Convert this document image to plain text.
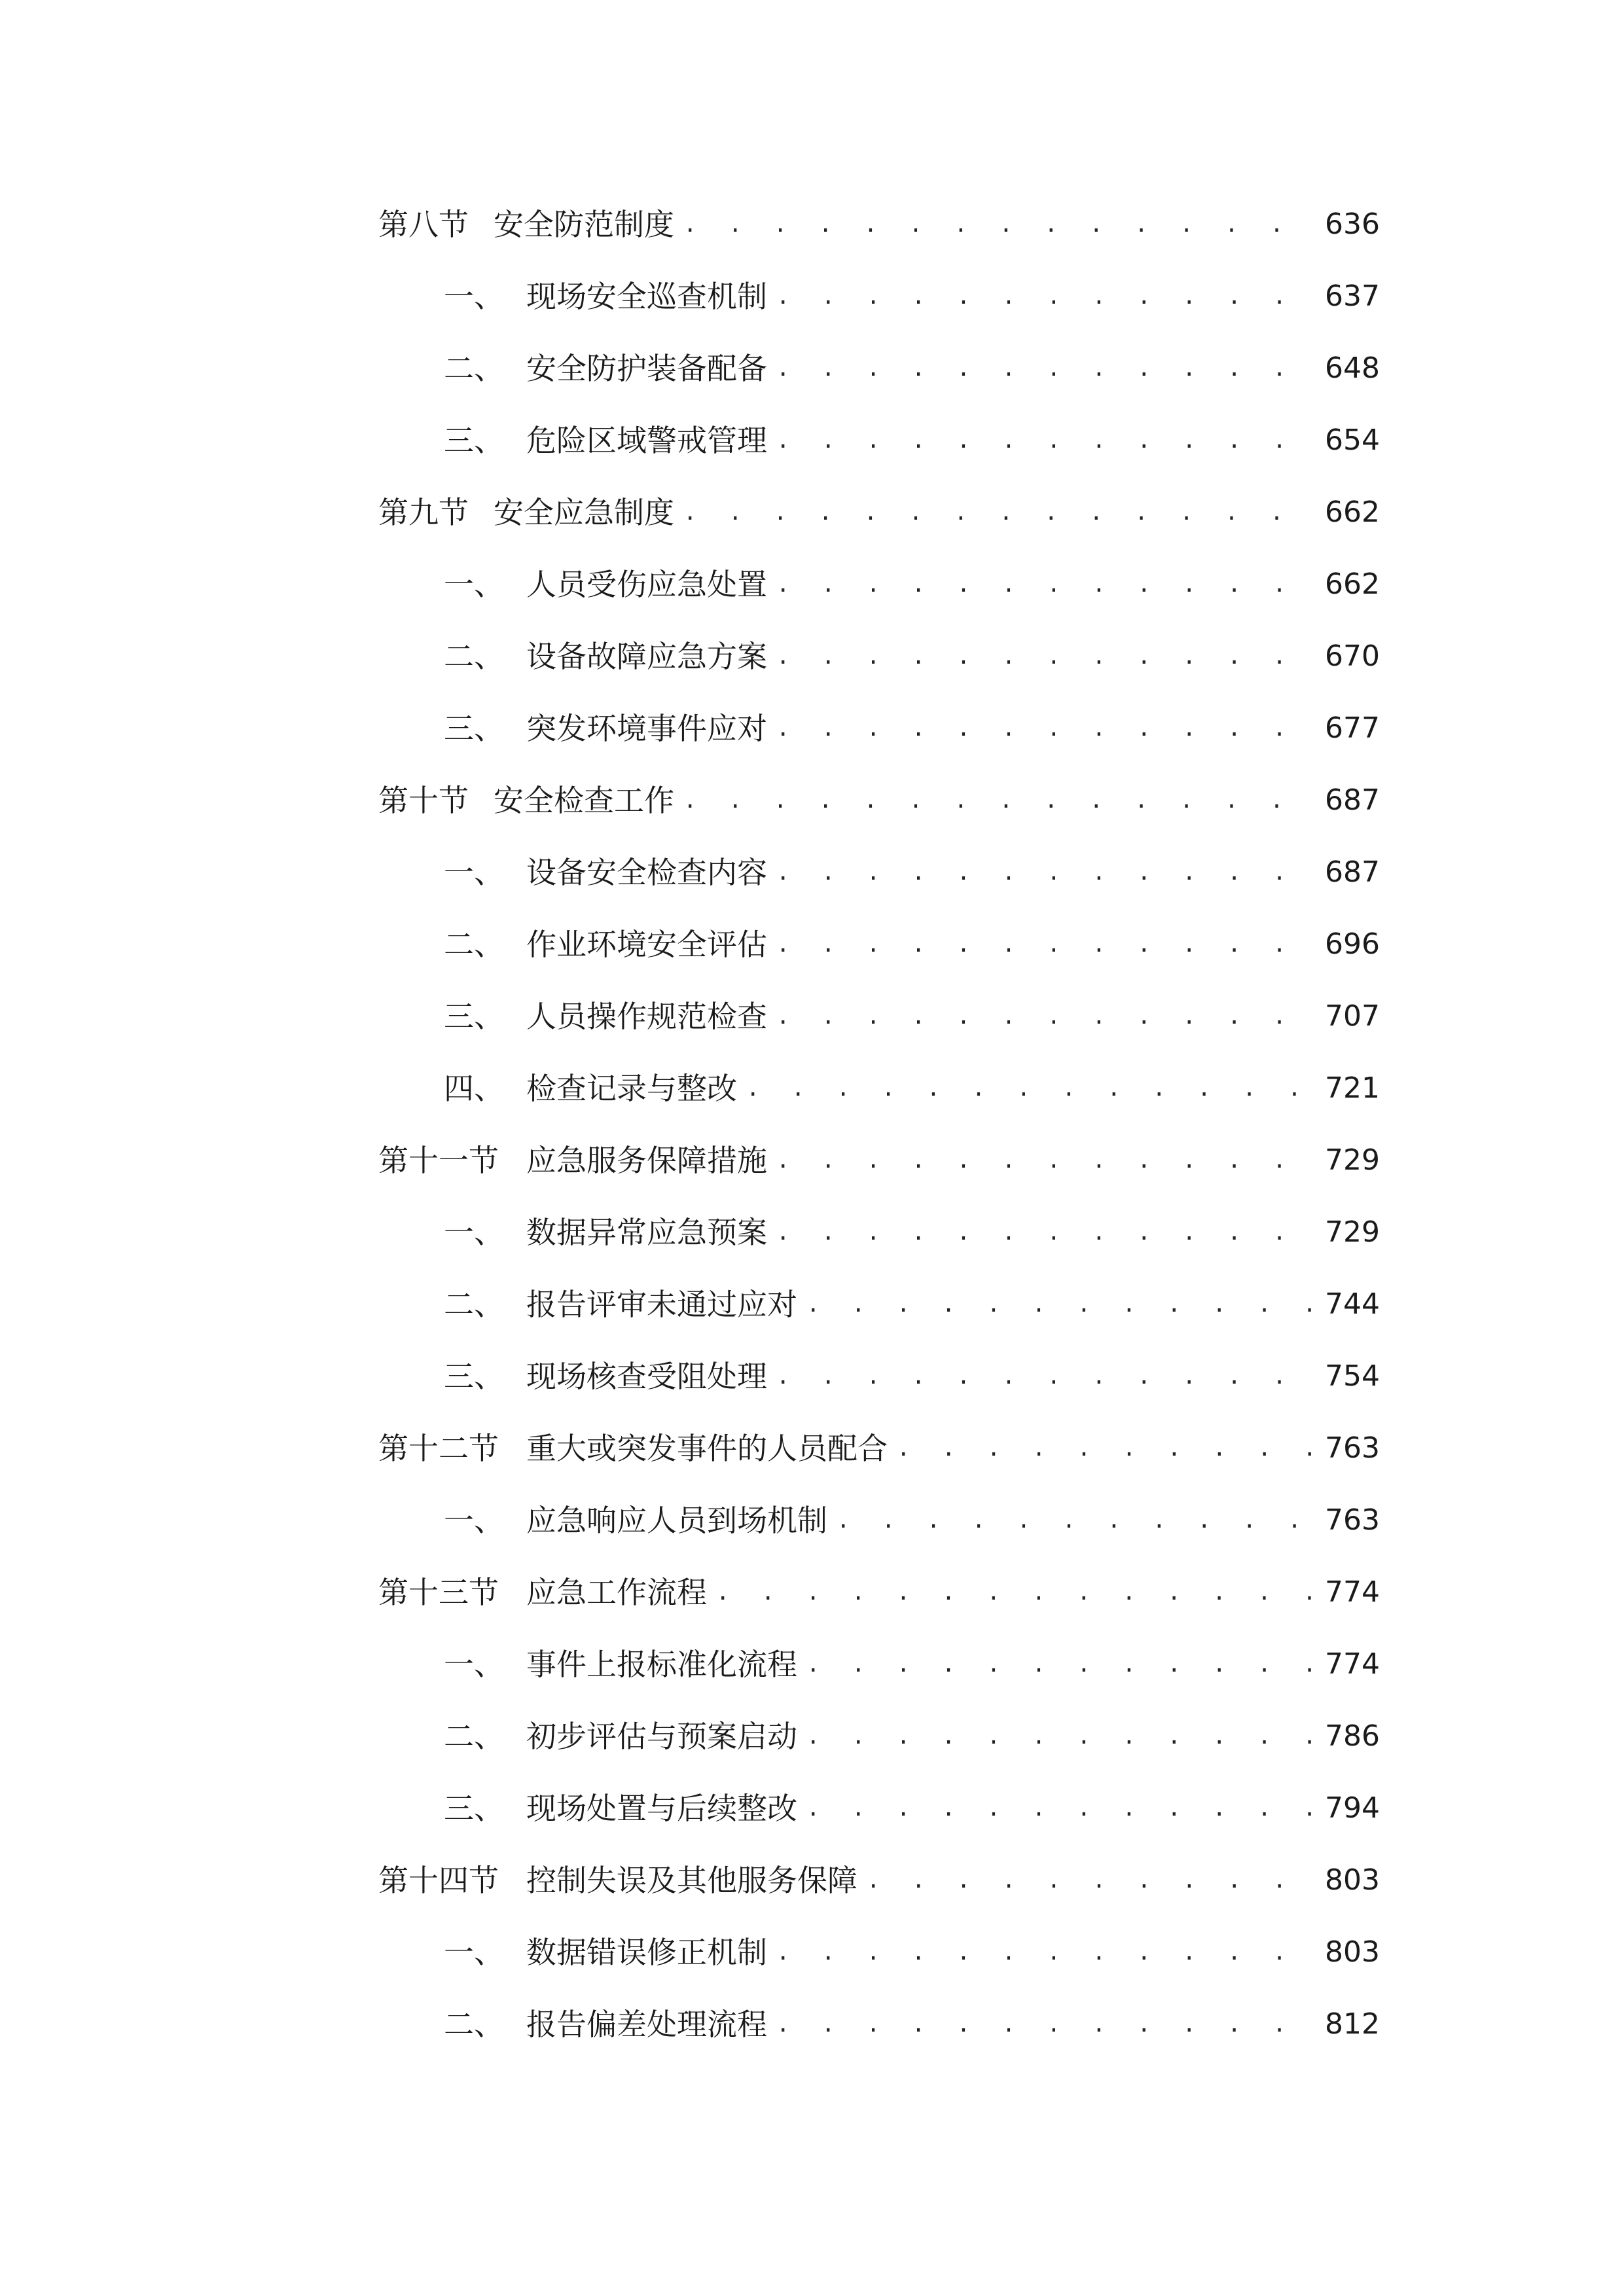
第八节 安全防范制度 . . .	636
一、 现场安全巡查机制 . . .	637
二、 安全防护装备配备 . . .	648
三、 危险区域警戒管理 . . .	654
第九节 安全应急制度 . . .	662
一、 人员受伤应急处置 . . .	662
二、 设备故障应急方案 . . .	670
三、 突发环境事件应对 . . .	677
第十节 安全检查工作 . . .	687
一、 设备安全检查内容 . . .	687
二、 作业环境安全评估 . . .	696
三、 人员操作规范检查 . . .	707
四、 检查记录与整改 . . .	721
第十一节 应急服务保障措施 . . .	729
一、 数据异常应急预案 . . .	729
二、 报告评审未通过应对 . . .	744
三、 现场核查受阻处理 . . .	754
第十二节 重大或突发事件的人员配合 . . .	763
一、 应急响应人员到场机制 . . .	763
第十三节 应急工作流程 . . .	774
一、 事件上报标准化流程 . . .	774
二、 初步评估与预案启动 . . .	786
三、 现场处置与后续整改 . . .	794
第十四节 控制失误及其他服务保障 . . .	803
一、 数据错误修正机制 . . .	803
二、 报告偏差处理流程 . . .	812
